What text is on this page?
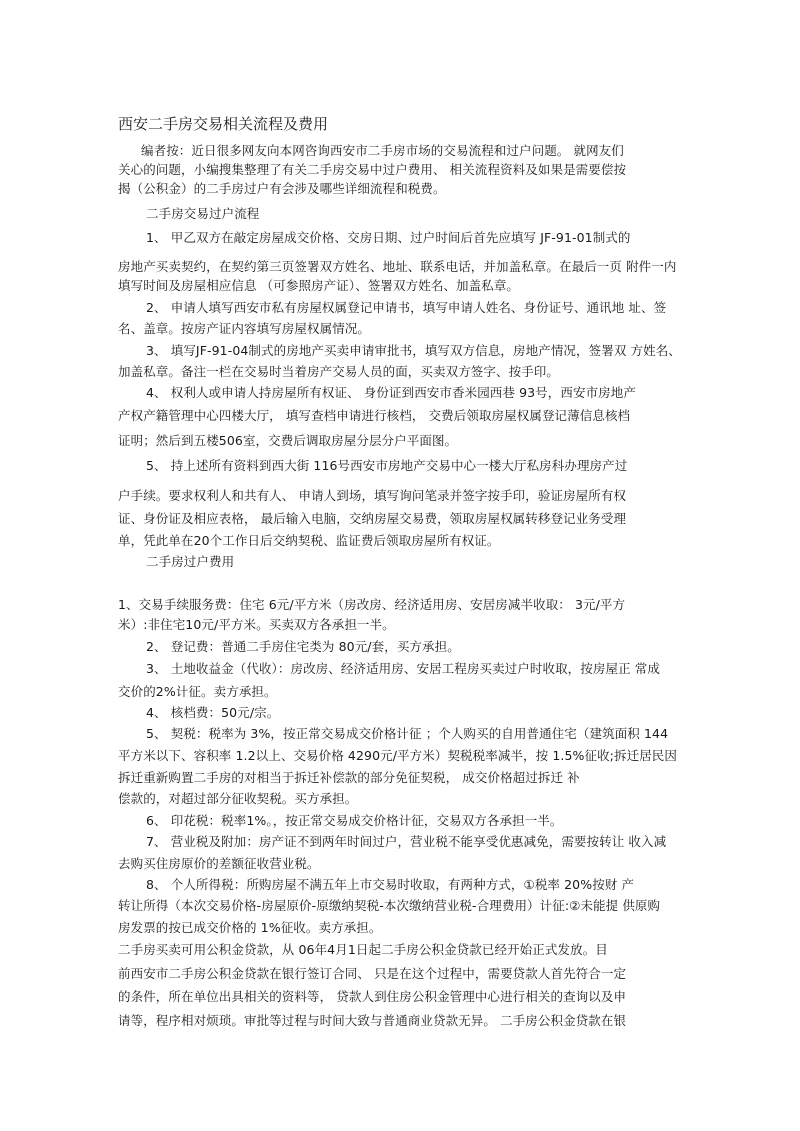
西安二手房交易相关流程及费用
编者按：近日很多网友向本网咨询西安市二手房市场的交易流程和过户问题。 就网友们
关心的问题，小编搜集整理了有关二手房交易中过户费用、 相关流程资料及如果是需要偿按
揭（公积金）的二手房过户有会涉及哪些详细流程和税费。
二手房交易过户流程
1、 甲乙双方在敲定房屋成交价格、交房日期、过户时间后首先应填写 JF-91-01制式的
房地产买卖契约，在契约第三页签署双方姓名、地址、联系电话，并加盖私章。在最后一页 附件一内
填写时间及房屋相应信息 （可参照房产证）、签署双方姓名、加盖私章。
2、 申请人填写西安市私有房屋权属登记申请书，填写申请人姓名、身份证号、通讯地 址、签
名、盖章。按房产证内容填写房屋权属情况。
3、 填写JF-91-04制式的房地产买卖申请审批书，填写双方信息，房地产情况，签署双 方姓名、
加盖私章。备注一栏在交易时当着房产交易人员的面，买卖双方签字、按手印。
4、 权利人或申请人持房屋所有权证、 身份证到西安市香米园西巷 93号，西安市房地产
产权产籍管理中心四楼大厅， 填写查档申请进行核档， 交费后领取房屋权属登记薄信息核档
证明；然后到五楼506室，交费后调取房屋分层分户平面图。
5、 持上述所有资料到西大街 116号西安市房地产交易中心一楼大厅私房科办理房产过
户手续。要求权利人和共有人、 申请人到场，填写询问笔录并签字按手印，验证房屋所有权
证、身份证及相应表格， 最后输入电脑，交纳房屋交易费，领取房屋权属转移登记业务受理
单，凭此单在20个工作日后交纳契税、监证费后领取房屋所有权证。
二手房过户费用
1、交易手续服务费：住宅 6元/平方米（房改房、经济适用房、安居房减半收取： 3元/平方
米）:非住宅10元/平方米。买卖双方各承担一半。
2、 登记费：普通二手房住宅类为 80元/套，买方承担。
3、 土地收益金（代收）：房改房、经济适用房、安居工程房买卖过户时收取，按房屋正 常成
交价的2%计征。卖方承担。
4、 核档费：50元/宗。
5、 契税：税率为 3%，按正常交易成交价格计征 ；个人购买的自用普通住宅（建筑面积 144
平方米以下、容积率 1.2以上、交易价格 4290元/平方米）契税税率减半，按 1.5%征收;拆迁居民因
拆迁重新购置二手房的对相当于拆迁补偿款的部分免征契税， 成交价格超过拆迁 补
偿款的，对超过部分征收契税。买方承担。
6、 印花税：税率1%。，按正常交易成交价格计征，交易双方各承担一半。
7、 营业税及附加：房产证不到两年时间过户，营业税不能享受优惠减免，需要按转让 收入减
去购买住房原价的差额征收营业税。
8、 个人所得税：所购房屋不满五年上市交易时收取，有两种方式，①税率 20%按财 产
转让所得（本次交易价格-房屋原价-原缴纳契税-本次缴纳营业税-合理费用）计征:②未能提 供原购
房发票的按已成交价格的 1%征收。卖方承担。
二手房买卖可用公积金贷款，从 06年4月1日起二手房公积金贷款已经开始正式发放。目
前西安市二手房公积金贷款在银行签订合同、 只是在这个过程中，需要贷款人首先符合一定
的条件，所在单位出具相关的资料等， 贷款人到住房公积金管理中心进行相关的查询以及申
请等，程序相对烦琐。审批等过程与时间大致与普通商业贷款无异。 二手房公积金贷款在银
